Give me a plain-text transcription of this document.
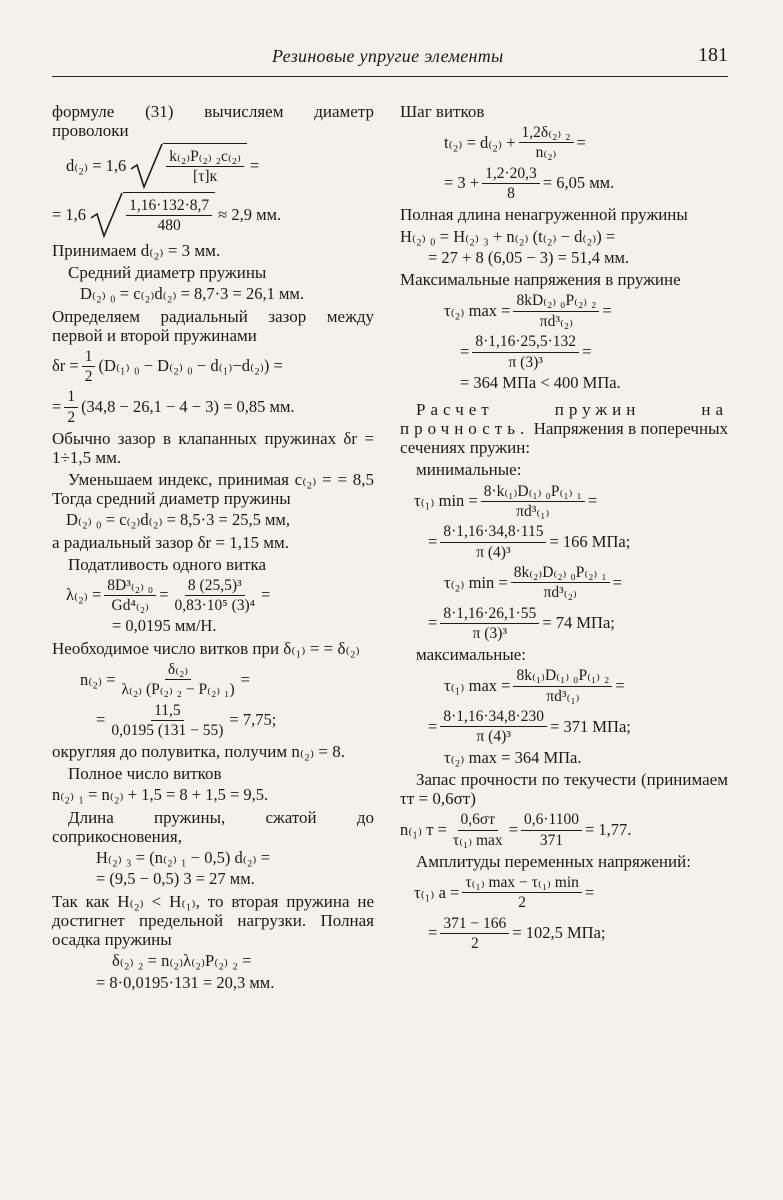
Резиновые упругие элементы	181

формуле (31) вычисляем диаметр проволоки

d₍₂₎ = 1,6	k₍₂₎P₍₂₎ ₂c₍₂₎
[τ]к
=
= 1,6	$\frac{1,16\cdot 132\cdot 8,7}{480} \approx 2,9$ мм.

Принимаем d₍₂₎ = 3 мм.

Средний диаметр пружины

D₍₂₎ ₀ = c₍₂₎d₍₂₎ = 8,7·3 = 26,1 мм.

Определяем радиальный зазор между первой и второй пружинами

$\delta r = \frac{1}{2} (D_{(1)}$ ₀ − D₍₂₎ ₀ − d₍₁₎−d₍₂₎) =
= $\frac{1}{2} (34,8 - 26,1 - 4 - 3) = 0,85$ мм.

Обычно зазор в клапанных пружинах δr = 1÷1,5 мм.

Уменьшаем индекс, принимая c₍₂₎ = = 8,5 Тогда средний диаметр пружины

D₍₂₎ ₀ = c₍₂₎d₍₂₎ = 8,5·3 = 25,5 мм,

а радиальный зазор δr = 1,15 мм.

Податливость одного витка

$\lambda_{(2)} = \frac{\text{8D³₍₂₎ ₀}}{\text{Gd⁴₍₂₎}} = \frac{\text{8 (25,5)³}}{\text{0,83·10⁵ (3)⁴}}$ =
= 0,0195 мм/Н.

Необходимое число витков при δ₍₁₎ = = δ₍₂₎

$n_{(2)} = \frac{\text{δ₍₂₎}}{\text{λ₍₂₎ (P₍₂₎ ₂ − P₍₂₎ ₁)}}$ =
= $\frac{11,5}{0,0195 (131 - 55)} = 7,75$;

округляя до полувитка, получим n₍₂₎ = 8.

Полное число витков

n₍₂₎ ₁ = n₍₂₎ + 1,5 = 8 + 1,5 = 9,5.

Длина пружины, сжатой до соприкосновения,

H₍₂₎ ₃ = (n₍₂₎ ₁ − 0,5) d₍₂₎ =
= (9,5 − 0,5) 3 = 27 мм.

Так как H₍₂₎ < H₍₁₎, то вторая пружина не достигнет предельной нагрузки. Полная осадка пружины

δ₍₂₎ ₂ = n₍₂₎λ₍₂₎P₍₂₎ ₂ =
= 8·0,0195·131 = 20,3 мм.

Шаг витков

$t_{(2)} = d_{(2)} + \frac{\text{1,2δ₍₂₎ ₂}}{\text{n₍₂₎}}$ =
= $3 + \frac{1,2\cdot 20,3}{8} = 6,05$ мм.

Полная длина ненагруженной пружины

H₍₂₎ ₀ = H₍₂₎ ₃ + n₍₂₎ (t₍₂₎ − d₍₂₎) =
= 27 + 8 (6,05 − 3) = 51,4 мм.

Максимальные напряжения в пружине

τ₍₂₎ $\max = \frac{\text{8kD₍₂₎ ₀P₍₂₎ ₂}}{\text{πd³₍₂₎}}$ =
= $\frac{8\cdot 1,16\cdot 25,5\cdot 132}{\text{π (3)³}}$ =
= 364 МПа < 400 МПа.

Расчет пружин на прочность. Напряжения в поперечных сечениях пружин:

минимальные:

τ₍₁₎ $\min = \frac{\text{8·k₍₁₎D₍₁₎ ₀P₍₁₎ ₁}}{\text{πd³₍₁₎}}$ =
= $\frac{8\cdot 1,16\cdot 34,8\cdot 115}{\text{π (4)³}} = 166$ МПа;
τ₍₂₎ $\min = \frac{\text{8k₍₂₎D₍₂₎ ₀P₍₂₎ ₁}}{\text{πd³₍₂₎}}$ =
= $\frac{8\cdot 1,16\cdot 26,1\cdot 55}{\text{π (3)³}} = 74$ МПа;

максимальные:

τ₍₁₎ $\max = \frac{\text{8k₍₁₎D₍₁₎ ₀P₍₁₎ ₂}}{\text{πd³₍₁₎}}$ =
= $\frac{8\cdot 1,16\cdot 34,8\cdot 230}{\text{π (4)³}} = 371$ МПа;
τ₍₂₎ max = 364 МПа.

Запас прочности по текучести (принимаем τт = 0,6σт)

n₍₁₎ т =
0,6σт
τ₍₁₎ max
= $\frac{0,6\cdot 1100}{371} = 1,77$.

Амплитуды переменных напряжений:

τ₍₁₎ a =
τ₍₁₎ max − τ₍₁₎ min
2
=
= $\frac{371 - 166}{2} = 102,5$ МПа;
